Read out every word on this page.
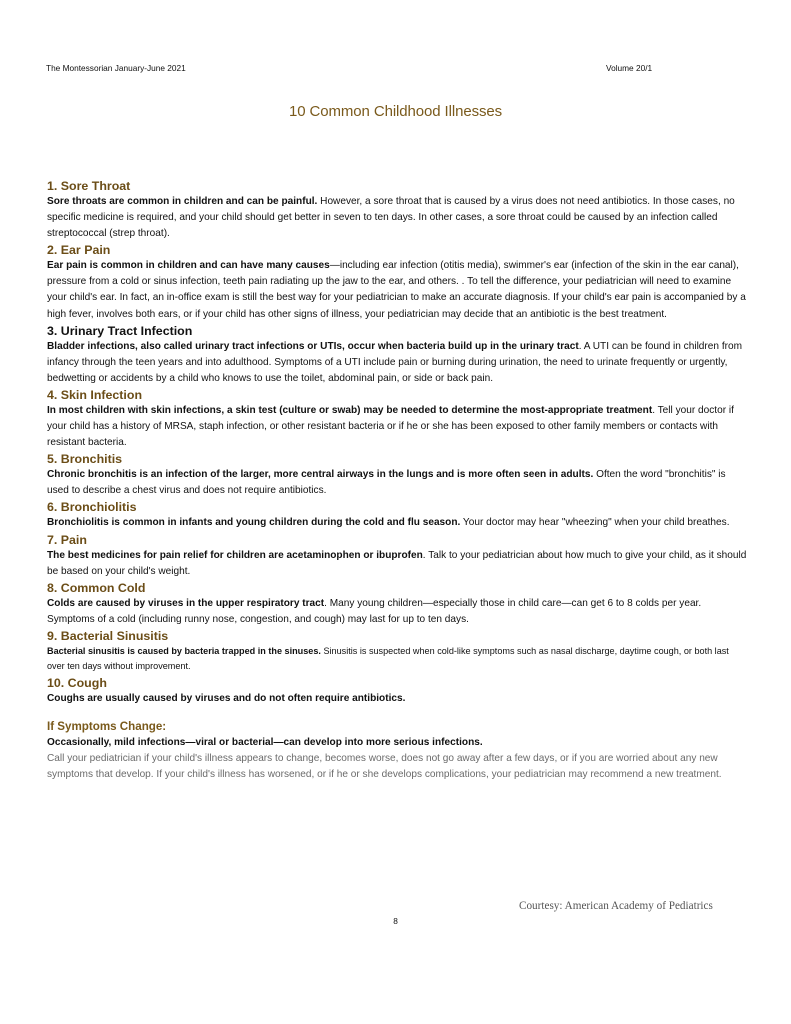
The Montessorian January-June 2021	Volume 20/1
10 Common Childhood Illnesses

1. Sore Throat

Sore throats are common in children and can be painful. However, a sore throat that is caused by a virus does not need antibiotics. In those cases, no specific medicine is required, and your child should get better in seven to ten days. In other cases, a sore throat could be caused by an infection called streptococcal (strep throat).

2. Ear Pain

Ear pain is common in children and can have many causes—including ear infection (otitis media), swimmer's ear (infection of the skin in the ear canal), pressure from a cold or sinus infection, teeth pain radiating up the jaw to the ear, and others. . To tell the difference, your pediatrician will need to examine your child's ear. In fact, an in-office exam is still the best way for your pediatrician to make an accurate diagnosis. If your child's ear pain is accompanied by a high fever, involves both ears, or if your child has other signs of illness, your pediatrician may decide that an antibiotic is the best treatment.

3. Urinary Tract Infection

Bladder infections, also called urinary tract infections or UTIs, occur when bacteria build up in the urinary tract. A UTI can be found in children from infancy through the teen years and into adulthood. Symptoms of a UTI include pain or burning during urination, the need to urinate frequently or urgently, bedwetting or accidents by a child who knows to use the toilet, abdominal pain, or side or back pain.

4. Skin Infection

In most children with skin infections, a skin test (culture or swab) may be needed to determine the most-appropriate treatment. Tell your doctor if your child has a history of MRSA, staph infection, or other resistant bacteria or if he or she has been exposed to other family members or contacts with resistant bacteria.

5. Bronchitis

Chronic bronchitis is an infection of the larger, more central airways in the lungs and is more often seen in adults. Often the word "bronchitis" is used to describe a chest virus and does not require antibiotics.

6. Bronchiolitis

Bronchiolitis is common in infants and young children during the cold and flu season. Your doctor may hear "wheezing" when your child breathes.

7. Pain

The best medicines for pain relief for children are acetaminophen or ibuprofen. Talk to your pediatrician about how much to give your child, as it should be based on your child's weight.

8. Common Cold

Colds are caused by viruses in the upper respiratory tract. Many young children—especially those in child care—can get 6 to 8 colds per year. Symptoms of a cold (including runny nose, congestion, and cough) may last for up to ten days.

9. Bacterial Sinusitis

Bacterial sinusitis is caused by bacteria trapped in the sinuses. Sinusitis is suspected when cold-like symptoms such as nasal discharge, daytime cough, or both last over ten days without improvement.

10. Cough

Coughs are usually caused by viruses and do not often require antibiotics.

If Symptoms Change:

Occasionally, mild infections—viral or bacterial—can develop into more serious infections.

Call your pediatrician if your child's illness appears to change, becomes worse, does not go away after a few days, or if you are worried about any new symptoms that develop. If your child's illness has worsened, or if he or she develops complications, your pediatrician may recommend a new treatment.

Courtesy: American Academy of Pediatrics
8
